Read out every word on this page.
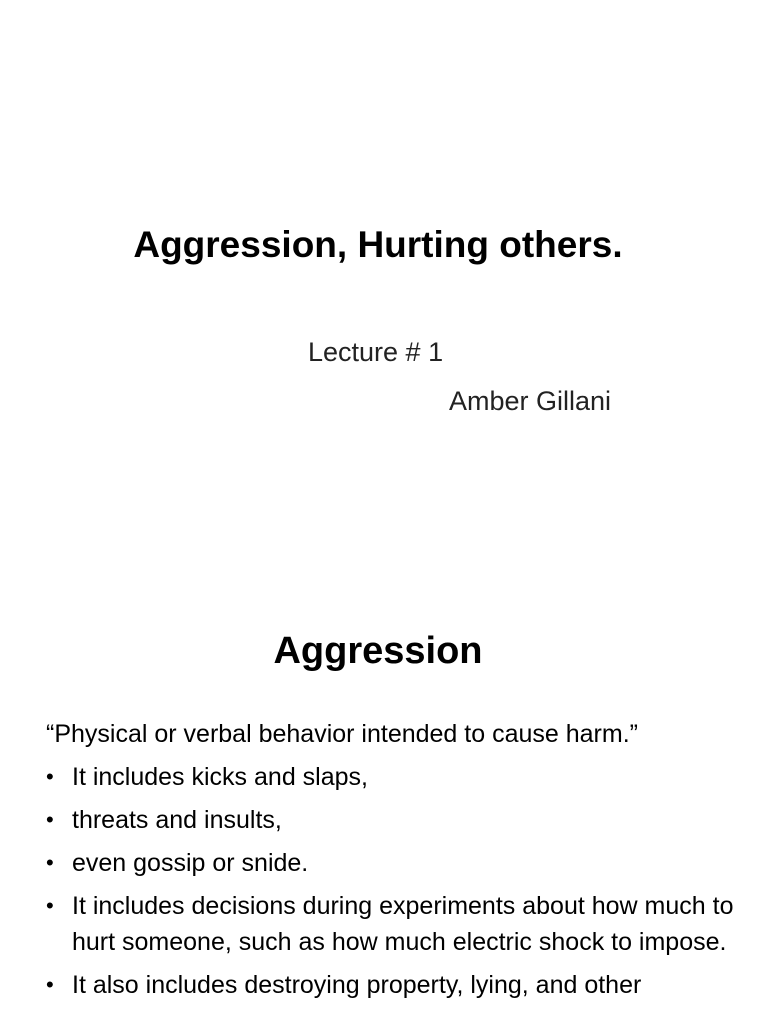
Aggression, Hurting others.
Lecture # 1
Amber Gillani
Aggression
“Physical or verbal behavior intended to cause harm.”
• It includes kicks and slaps,
• threats and insults,
• even gossip or snide.
• It includes decisions during experiments about how much to hurt someone, such as how much electric shock to impose.
• It also includes destroying property, lying, and other
